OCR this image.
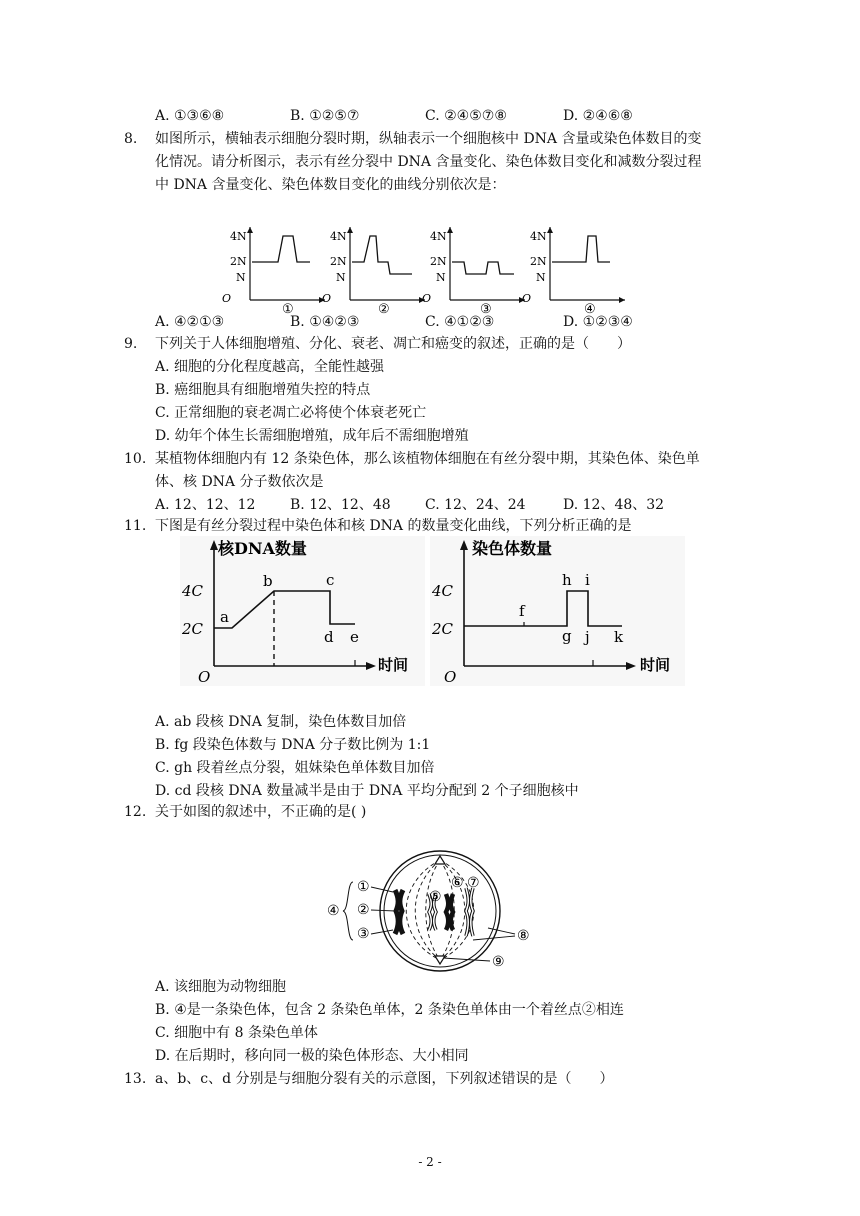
A. ①③⑥⑧	B. ①②⑤⑦	C. ②④⑤⑦⑧	D. ②④⑥⑧
8. 如图所示，横轴表示细胞分裂时期，纵轴表示一个细胞核中 DNA 含量或染色体数目的变
化情况。请分析图示，表示有丝分裂中 DNA 含量变化、染色体数目变化和减数分裂过程
中 DNA 含量变化、染色体数目变化的曲线分别依次是：
4N
2N
N
O
①
4N
2N
N
O
②
4N
2N
N
O
③
4N
2N
N
O
④
A. ④②①③	B. ①④②③	C. ④①②③	D. ①②③④
9. 下列关于人体细胞增殖、分化、衰老、凋亡和癌变的叙述，正确的是（　　）
A. 细胞的分化程度越高，全能性越强
B. 癌细胞具有细胞增殖失控的特点
C. 正常细胞的衰老凋亡必将使个体衰老死亡
D. 幼年个体生长需细胞增殖，成年后不需细胞增殖
10. 某植物体细胞内有 12 条染色体，那么该植物体细胞在有丝分裂中期，其染色体、染色单
体、核 DNA 分子数依次是
A. 12、12、12 B. 12、12、48 C. 12、24、24	D. 12、48、32
11. 下图是有丝分裂过程中染色体和核 DNA 的数量变化曲线，下列分析正确的是
核DNA数量
4C
2C
O
时间
a
b	c
d e
染色体数量
4C
2C
O
时间
f
g
h i
j k
A. ab 段核 DNA 复制，染色体数目加倍
B. fg 段染色体数与 DNA 分子数比例为 1:1
C. gh 段着丝点分裂，姐妹染色单体数目加倍
D. cd 段核 DNA 数量减半是由于 DNA 平均分配到 2 个子细胞核中
12. 关于如图的叙述中，不正确的是( )
①
②
③
④
⑤
⑥ ⑦
⑧
⑨
A. 该细胞为动物细胞
B. ④是一条染色体，包含 2 条染色单体，2 条染色单体由一个着丝点②相连
C. 细胞中有 8 条染色单体
D. 在后期时，移向同一极的染色体形态、大小相同
13. a、b、c、d 分别是与细胞分裂有关的示意图，下列叙述错误的是（　　）
- 2 -
